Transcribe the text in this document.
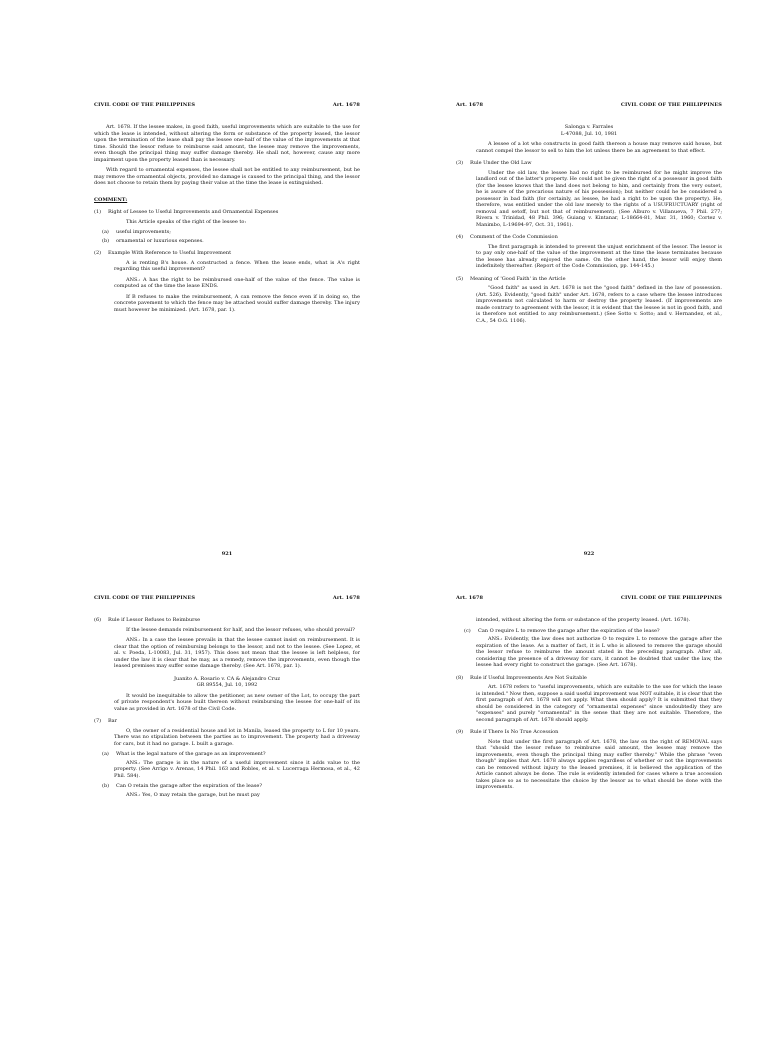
CIVIL CODE OF THE PHILIPPINES	Art. 1678

Art. 1678. If the lessee makes, in good faith, useful improvements which are suitable to the use for which the lease is intended, without altering the form or substance of the property leased, the lessor upon the termination of the lease shall pay the lessee one-half of the value of the improvements at that time. Should the lessor refuse to reimburse said amount, the lessee may remove the improvements, even though the principal thing may suffer damage thereby. He shall not, however, cause any more impairment upon the property leased than is necessary.

With regard to ornamental expenses, the lessee shall not be entitled to any reimbursement, but he may remove the ornamental objects, provided no damage is caused to the principal thing, and the lessor does not choose to retain them by paying their value at the time the lease is extinguished.

COMMENT:
(1)	Right of Lessee to Useful Improvements and Ornamental Expenses

This Article speaks of the right of the lessee to:

(a)	useful improvements;
(b)	ornamental or luxurious expenses.
(2)	Example With Reference to Useful Improvement

A is renting B's house. A constructed a fence. When the lease ends, what is A's right regarding this useful improvement?

ANS.: A has the right to be reimbursed one-half of the value of the fence. The value is computed as of the time the lease ENDS.

If B refuses to make the reimbursement, A can remove the fence even if in doing so, the concrete pavement to which the fence may be attached would suffer damage thereby. The injury must however be minimized. (Art. 1678, par. 1).

921
Art. 1678	CIVIL CODE OF THE PHILIPPINES
Salonga v. Farrales
L-47088, Jul. 10, 1981

A lessee of a lot who constructs in good faith thereon a house may remove said house, but cannot compel the lessor to sell to him the lot unless there be an agreement to that effect.

(3)	Rule Under the Old Law

Under the old law, the lessee had no right to be reimbursed for he might improve the landlord out of the latter's property. He could not be given the right of a possessor in good faith (for the lessee knows that the land does not belong to him, and certainly from the very outset, he is aware of the precarious nature of his possession); but neither could he be considered a possessor in bad faith (for certainly, as lessee, he had a right to be upon the property). He, therefore, was entitled under the old law merely to the rights of a USUFRUCTUARY (right of removal and setoff, but not that of reimbursement). (See Alburo v. Villanueva, 7 Phil. 277; Rivera v. Trinidad, 48 Phil. 396; Guiang v. Kintanar, L-18664-81, Mar. 31, 1960; Cortez v. Manimbo, L-19694-97, Oct. 31, 1961).

(4)	Comment of the Code Commission

The first paragraph is intended to prevent the unjust enrichment of the lessor. The lessor is to pay only one-half of the value of the improvement at the time the lease terminates because the lessee has already enjoyed the same. On the other hand, the lessor will enjoy them indefinitely thereafter. (Report of the Code Commission, pp. 144-145.)

(5)	Meaning of 'Good Faith' in the Article

"Good faith" as used in Art. 1678 is not the "good faith" defined in the law of possession. (Art. 526). Evidently, "good faith" under Art. 1678, refers to a case where the lessee introduces improvements not calculated to harm or destroy the property leased. (If improvements are made contrary to agreement with the lessor, it is evident that the lessee is not in good faith, and is therefore not entitled to any reimbursement.) (See Sotto v. Sotto; and v. Hernandez, et al., C.A., 54 O.G. 1106).

922
CIVIL CODE OF THE PHILIPPINES	Art. 1678
(6)	Rule if Lessor Refuses to Reimburse

If the lessee demands reimbursement for half, and the lessor refuses, who should prevail?

ANS.: In a case the lessee prevails in that the lessee cannot insist on reimbursement. It is clear that the option of reimbursing belongs to the lessor, and not to the lessee. (See Lopez, et al. v. Poeda, L-10083, Jul. 31, 1957). This does not mean that the lessee is left helpless, for under the law it is clear that he may, as a remedy, remove the improvements, even though the leased premises may suffer some damage thereby. (See Art. 1678, par. 1).

Juanito A. Rosario v. CA & Alejandro Cruz
GR 89554, Jul. 10, 1992

It would be inequitable to allow the petitioner, as new owner of the Lot, to occupy the part of private respondent's house built thereon without reimbursing the lessee for one-half of its value as provided in Art. 1678 of the Civil Code.

(7)	Bar

O, the owner of a residential house and lot in Manila, leased the property to L for 10 years. There was no stipulation between the parties as to improvement. The property had a driveway for cars, but it had no garage. L built a garage.

(a)	What is the legal nature of the garage as an improvement?

ANS.: The garage is in the nature of a useful improvement since it adds value to the property. (See Arrigo v. Arenas, 14 Phil. 163 and Robles, et al. v. Lucerraga Hermosa, et al., 42 Phil. 584).

(b)	Can O retain the garage after the expiration of the lease?

ANS.: Yes, O may retain the garage, but he must pay

Art. 1678	CIVIL CODE OF THE PHILIPPINES

intended, without altering the form or substance of the property leased. (Art. 1678).

(c)	Can O require L to remove the garage after the expiration of the lease?

ANS.: Evidently, the law does not authorize O to require L to remove the garage after the expiration of the lease. As a matter of fact, it is L who is allowed to remove the garage should the lessor refuse to reimburse the amount stated in the preceding paragraph. After all, considering the presence of a driveway for cars, it cannot be doubted that under the law, the lessee had every right to construct the garage. (See Art. 1678).

(8)	Rule if Useful Improvements Are Not Suitable

Art. 1678 refers to "useful improvements, which are suitable to the use for which the lease is intended." Now then, suppose a said useful improvement was NOT suitable, it is clear that the first paragraph of Art. 1678 will not apply. What then should apply? It is submitted that they should be considered in the category of "ornamental expenses" since undoubtedly they are "expenses" and purely "ornamental" in the sense that they are not suitable. Therefore, the second paragraph of Art. 1678 should apply.

(9)	Rule if There Is No True Accession

Note that under the first paragraph of Art. 1678, the law on the right of REMOVAL says that "should the lessor refuse to reimburse said amount, the lessee may remove the improvements, even though the principal thing may suffer thereby." While the phrase "even though" implies that Art. 1678 always applies regardless of whether or not the improvements can be removed without injury to the leased premises, it is believed the application of the Article cannot always be done. The rule is evidently intended for cases where a true accession takes place so as to necessitate the choice by the lessor as to what should be done with the improvements.
